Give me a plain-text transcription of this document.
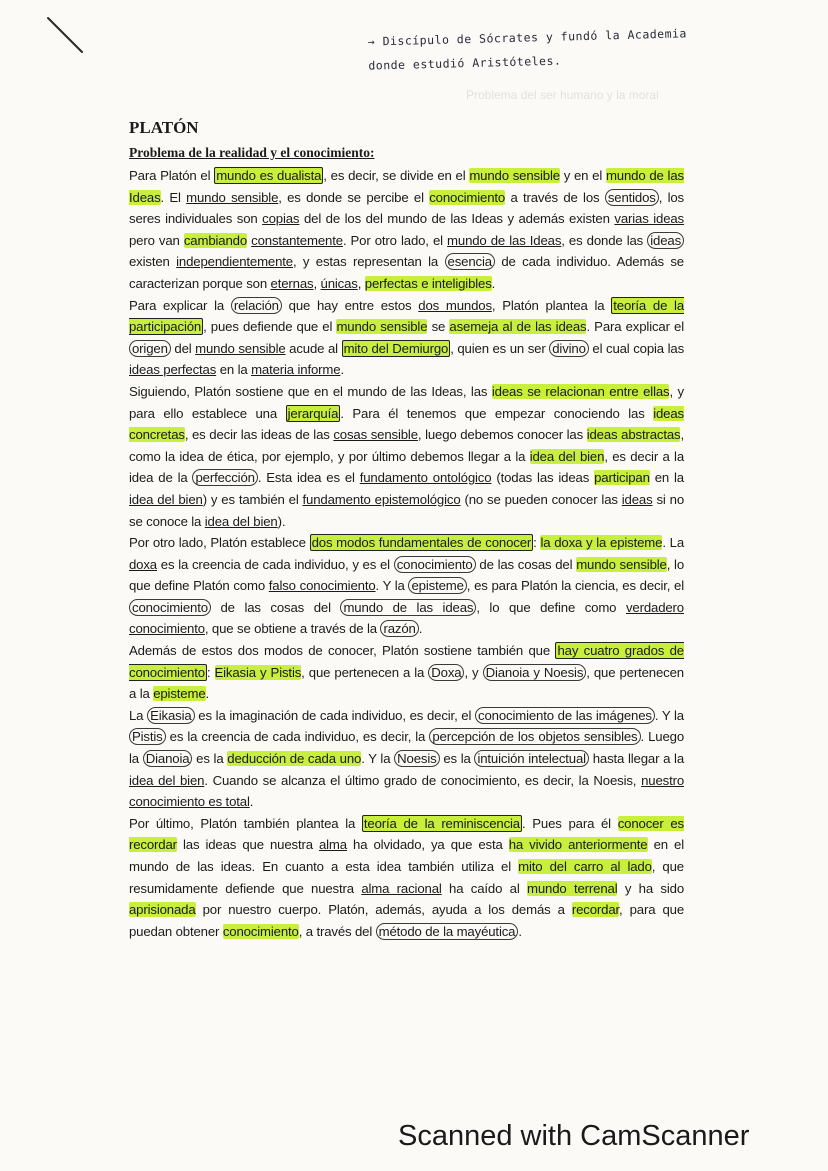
→ Discípulo de Sócrates y fundó la Academia
donde estudió Aristóteles.
Problema del ser humano y la moral
PLATÓN
Problema de la realidad y el conocimiento:

Para Platón el mundo es dualista , es decir, se divide en el mundo sensible y en el mundo de las Ideas. El mundo sensible, es donde se percibe el conocimiento a través de los sentidos , los seres individuales son copias del de los del mundo de las Ideas y además existen varias ideas pero van cambiando constantemente. Por otro lado, el mundo de las Ideas, es donde las ideas existen independientemente, y estas representan la esencia de cada individuo. Además se caracterizan porque son eternas, únicas, perfectas e inteligibles.

Para explicar la relación que hay entre estos dos mundos, Platón plantea la teoría de la participación , pues defiende que el mundo sensible se asemeja al de las ideas. Para explicar el origen del mundo sensible acude al mito del Demiurgo , quien es un ser divino el cual copia las ideas perfectas en la materia informe.

Siguiendo, Platón sostiene que en el mundo de las Ideas, las ideas se relacionan entre ellas, y para ello establece una jerarquía . Para él tenemos que empezar conociendo las ideas concretas, es decir las ideas de las cosas sensible, luego debemos conocer las ideas abstractas, como la idea de ética, por ejemplo, y por último debemos llegar a la idea del bien, es decir a la idea de la perfección . Esta idea es el fundamento ontológico (todas las ideas participan en la idea del bien) y es también el fundamento epistemológico (no se pueden conocer las ideas si no se conoce la idea del bien).

Por otro lado, Platón establece dos modos fundamentales de conocer : la doxa y la episteme. La doxa es la creencia de cada individuo, y es el conocimiento de las cosas del mundo sensible, lo que define Platón como falso conocimiento. Y la episteme , es para Platón la ciencia, es decir, el conocimiento de las cosas del mundo de las ideas , lo que define como verdadero conocimiento, que se obtiene a través de la razón .

Además de estos dos modos de conocer, Platón sostiene también que hay cuatro grados de conocimiento : Eikasia y Pistis, que pertenecen a la Doxa , y Dianoia y Noesis , que pertenecen a la episteme.

La Eikasia es la imaginación de cada individuo, es decir, el conocimiento de las imágenes . Y la Pistis es la creencia de cada individuo, es decir, la percepción de los objetos sensibles . Luego la Dianoia es la deducción de cada uno. Y la Noesis es la intuición intelectual hasta llegar a la idea del bien. Cuando se alcanza el último grado de conocimiento, es decir, la Noesis, nuestro conocimiento es total.

Por último, Platón también plantea la teoría de la reminiscencia . Pues para él conocer es recordar las ideas que nuestra alma ha olvidado, ya que esta ha vivido anteriormente en el mundo de las ideas. En cuanto a esta idea también utiliza el mito del carro al lado, que resumidamente defiende que nuestra alma racional ha caído al mundo terrenal y ha sido aprisionada por nuestro cuerpo. Platón, además, ayuda a los demás a recordar, para que puedan obtener conocimiento, a través del método de la mayéutica .

Scanned with CamScanner
